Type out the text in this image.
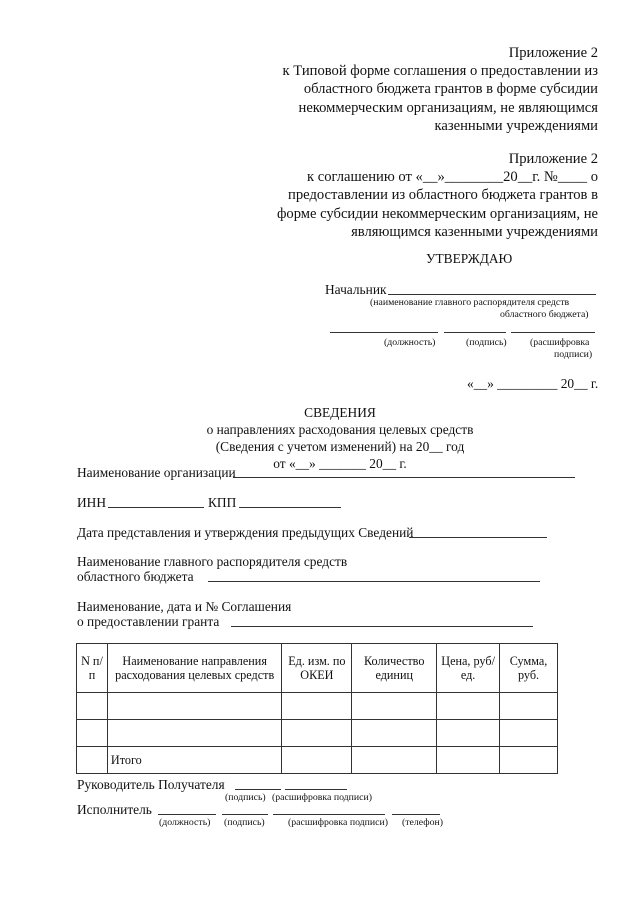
Приложение 2
к Типовой форме соглашения о предоставлении из
областного бюджета грантов в форме субсидии
некоммерческим организациям, не являющимся
казенными учреждениями
Приложение 2
к соглашению от «__»________20__г. №____ о
предоставлении из областного бюджета грантов в
форме субсидии некоммерческим организациям, не
являющимся казенными учреждениями
УТВЕРЖДАЮ
Начальник
(наименование главного распорядителя средств
областного бюджета)
(должность)	(подпись) (расшифровка
подписи)
«__» _________ 20__ г.
СВЕДЕНИЯ
о направлениях расходования целевых средств
(Сведения с учетом изменений) на 20__ год
от «__» _______ 20__ г.
Наименование организации
ИНН	КПП
Дата представления и утверждения предыдущих Сведений
Наименование главного распорядителя средств
областного бюджета
Наименование, дата и № Соглашения
о предоставлении гранта
N п/п	Наименование направления расходования целевых средств	Ед. изм. по ОКЕИ	Количество единиц	Цена, руб/ед.	Сумма, руб.

	Итого				
Руководитель Получателя
(подпись) (расшифровка подписи)
Исполнитель
(должность) (подпись) (расшифровка подписи) (телефон)
